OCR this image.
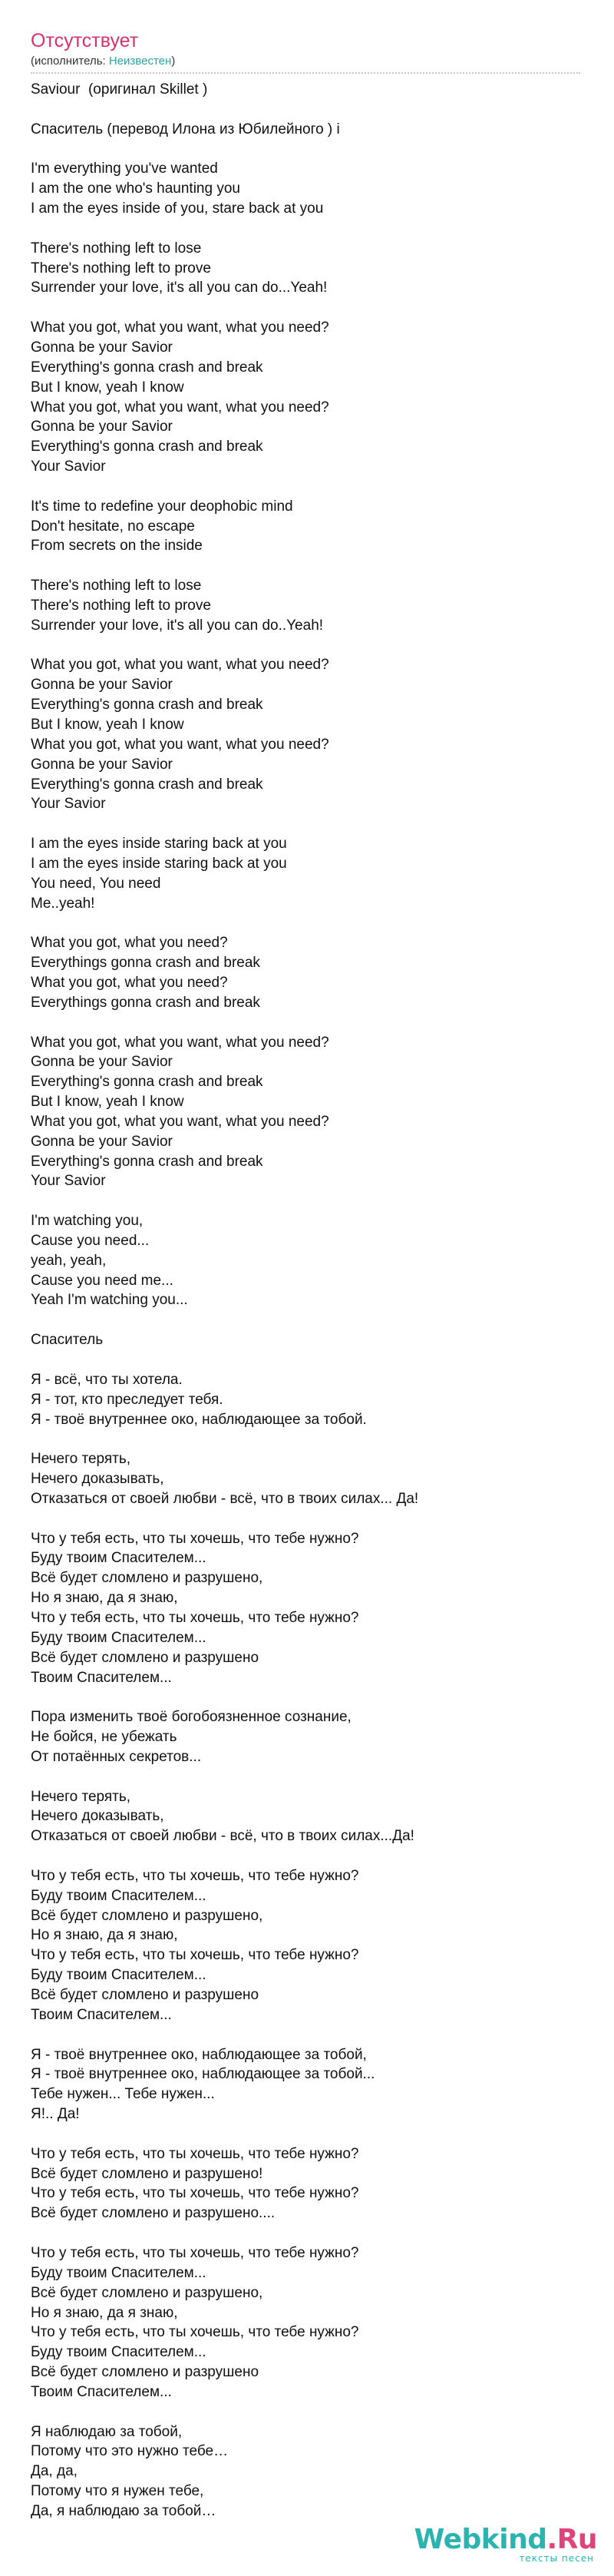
Отсутствует
(исполнитель: Неизвестен)
Saviour  (оригинал Skillet )
Спаситель (перевод Илона из Юбилейного ) i
I'm everything you've wanted
I am the one who's haunting you
I am the eyes inside of you, stare back at you
There's nothing left to lose
There's nothing left to prove
Surrender your love, it's all you can do...Yeah!
What you got, what you want, what you need?
Gonna be your Savior
Everything's gonna crash and break
But I know, yeah I know
What you got, what you want, what you need?
Gonna be your Savior
Everything's gonna crash and break
Your Savior
It's time to redefine your deophobic mind
Don't hesitate, no escape
From secrets on the inside
There's nothing left to lose
There's nothing left to prove
Surrender your love, it's all you can do..Yeah!
What you got, what you want, what you need?
Gonna be your Savior
Everything's gonna crash and break
But I know, yeah I know
What you got, what you want, what you need?
Gonna be your Savior
Everything's gonna crash and break
Your Savior
I am the eyes inside staring back at you
I am the eyes inside staring back at you
You need, You need
Me..yeah!
What you got, what you need?
Everythings gonna crash and break
What you got, what you need?
Everythings gonna crash and break
What you got, what you want, what you need?
Gonna be your Savior
Everything's gonna crash and break
But I know, yeah I know
What you got, what you want, what you need?
Gonna be your Savior
Everything's gonna crash and break
Your Savior
I'm watching you,
Cause you need...
yeah, yeah,
Cause you need me...
Yeah I'm watching you...
Спаситель
Я - всё, что ты хотела.
Я - тот, кто преследует тебя.
Я - твоё внутреннее око, наблюдающее за тобой.
Нечего терять,
Нечего доказывать,
Отказаться от своей любви - всё, что в твоих силах... Да!
Что у тебя есть, что ты хочешь, что тебе нужно?
Буду твоим Спасителем...
Всё будет сломлено и разрушено,
Но я знаю, да я знаю,
Что у тебя есть, что ты хочешь, что тебе нужно?
Буду твоим Спасителем...
Всё будет сломлено и разрушено
Твоим Спасителем...
Пора изменить твоё богобоязненное сознание,
Не бойся, не убежать
От потаённых секретов...
Нечего терять,
Нечего доказывать,
Отказаться от своей любви - всё, что в твоих силах...Да!
Что у тебя есть, что ты хочешь, что тебе нужно?
Буду твоим Спасителем...
Всё будет сломлено и разрушено,
Но я знаю, да я знаю,
Что у тебя есть, что ты хочешь, что тебе нужно?
Буду твоим Спасителем...
Всё будет сломлено и разрушено
Твоим Спасителем...
Я - твоё внутреннее око, наблюдающее за тобой,
Я - твоё внутреннее око, наблюдающее за тобой...
Тебе нужен... Тебе нужен...
Я!.. Да!
Что у тебя есть, что ты хочешь, что тебе нужно?
Всё будет сломлено и разрушено!
Что у тебя есть, что ты хочешь, что тебе нужно?
Всё будет сломлено и разрушено....
Что у тебя есть, что ты хочешь, что тебе нужно?
Буду твоим Спасителем...
Всё будет сломлено и разрушено,
Но я знаю, да я знаю,
Что у тебя есть, что ты хочешь, что тебе нужно?
Буду твоим Спасителем...
Всё будет сломлено и разрушено
Твоим Спасителем...
Я наблюдаю за тобой,
Потому что это нужно тебе…
Да, да,
Потому что я нужен тебе,
Да, я наблюдаю за тобой…
Webkind.Ru
тексты песен
